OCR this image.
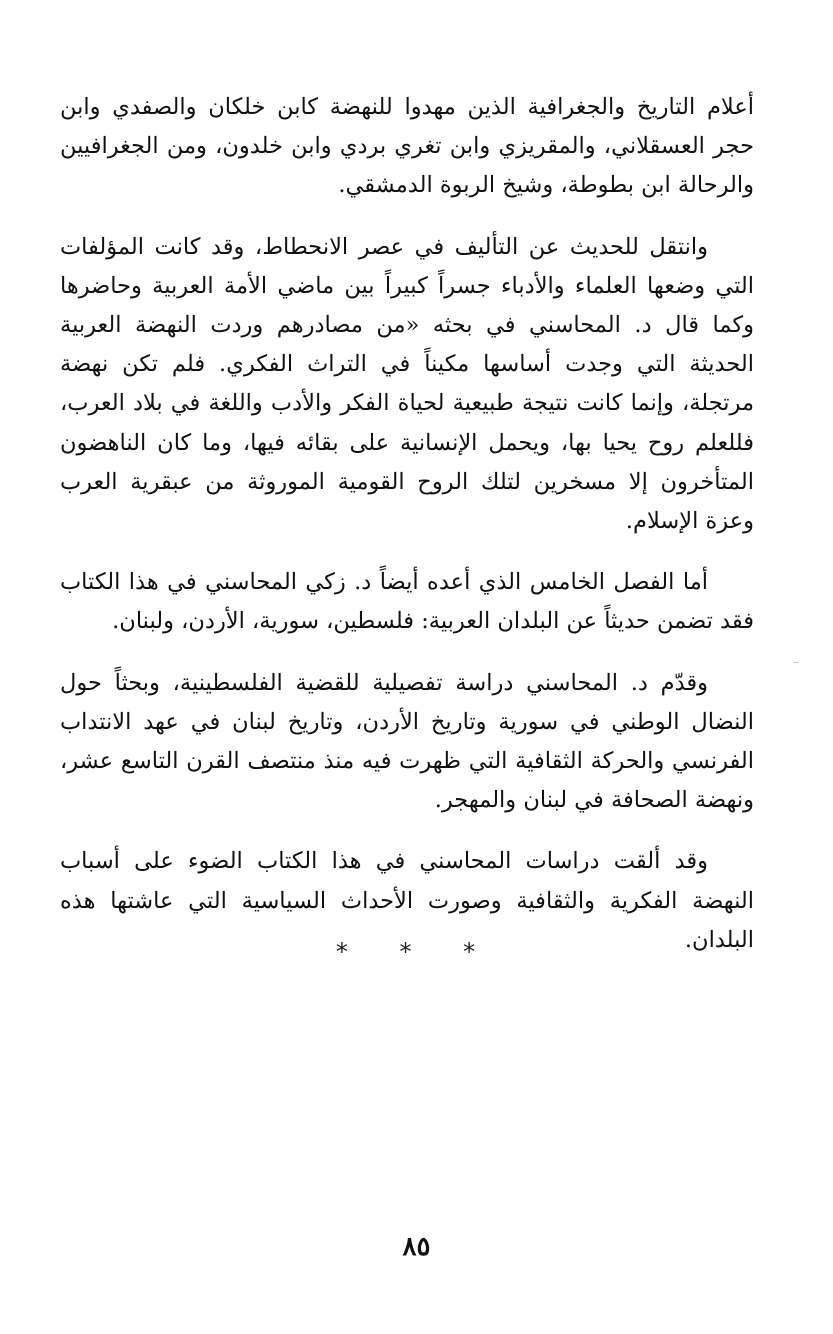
أعلام التاريخ والجغرافية الذين مهدوا للنهضة كابن خلكان والصفدي وابن حجر العسقلاني، والمقريزي وابن تغري بردي وابن خلدون، ومن الجغرافيين والرحالة ابن بطوطة، وشيخ الربوة الدمشقي.

وانتقل للحديث عن التأليف في عصر الانحطاط، وقد كانت المؤلفات التي وضعها العلماء والأدباء جسراً كبيراً بين ماضي الأمة العربية وحاضرها وكما قال د. المحاسني في بحثه «من مصادرهم وردت النهضة العربية الحديثة التي وجدت أساسها مكيناً في التراث الفكري. فلم تكن نهضة مرتجلة، وإنما كانت نتيجة طبيعية لحياة الفكر والأدب واللغة في بلاد العرب، فللعلم روح يحيا بها، ويحمل الإنسانية على بقائه فيها، وما كان الناهضون المتأخرون إلا مسخرين لتلك الروح القومية الموروثة من عبقرية العرب وعزة الإسلام.

أما الفصل الخامس الذي أعده أيضاً د. زكي المحاسني في هذا الكتاب فقد تضمن حديثاً عن البلدان العربية: فلسطين، سورية، الأردن، ولبنان.

وقدّم د. المحاسني دراسة تفصيلية للقضية الفلسطينية، وبحثاً حول النضال الوطني في سورية وتاريخ الأردن، وتاريخ لبنان في عهد الانتداب الفرنسي والحركة الثقافية التي ظهرت فيه منذ منتصف القرن التاسع عشر، ونهضة الصحافة في لبنان والمهجر.

وقد ألقت دراسات المحاسني في هذا الكتاب الضوء على أسباب النهضة الفكرية والثقافية وصورت الأحداث السياسية التي عاشتها هذه البلدان.

* * *
٨٥
